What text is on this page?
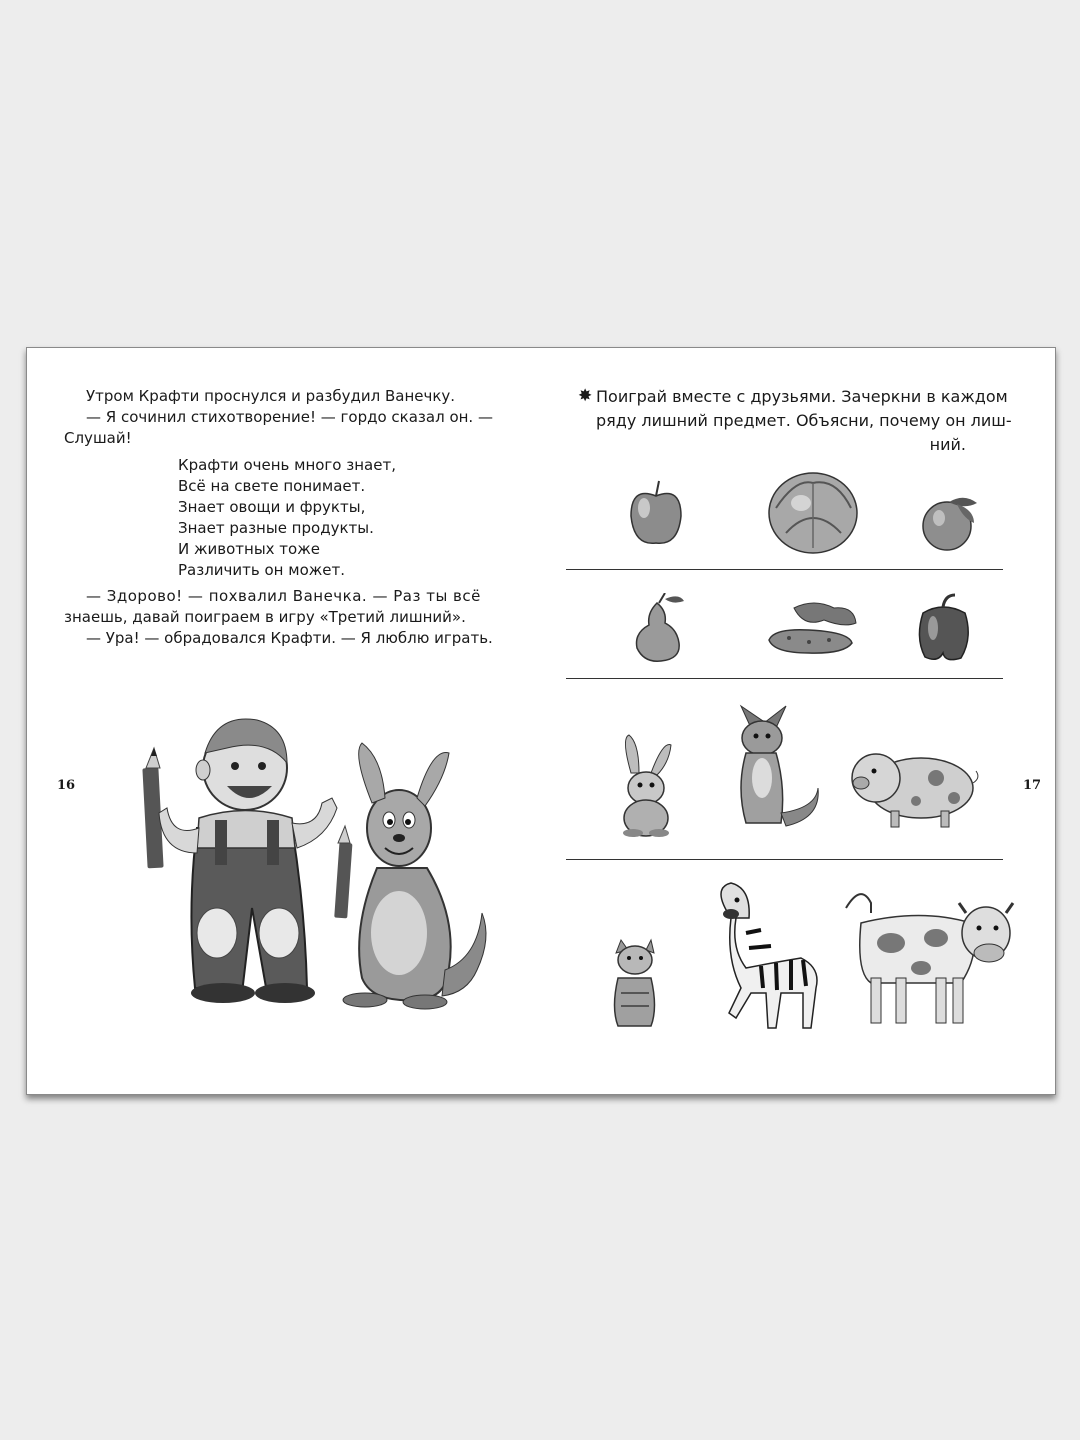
Утром Крафти проснулся и разбудил Ванечку.

— Я сочинил стихотворение! — гордо сказал он. —

Слушай!

Крафти очень много знает,
Всё на свете понимает.
Знает овощи и фрукты,
Знает разные продукты.
И животных тоже
Различить он может.

— Здорово! — похвалил Ванечка. — Раз ты всё

знаешь, давай поиграем в игру «Третий лишний».

— Ура! — обрадовался Крафти. — Я люблю играть.

16
✸ Поиграй вместе с друзьями. Зачеркни в каждом
ряду лишний предмет. Объясни, почему он лиш-
ний.
17
